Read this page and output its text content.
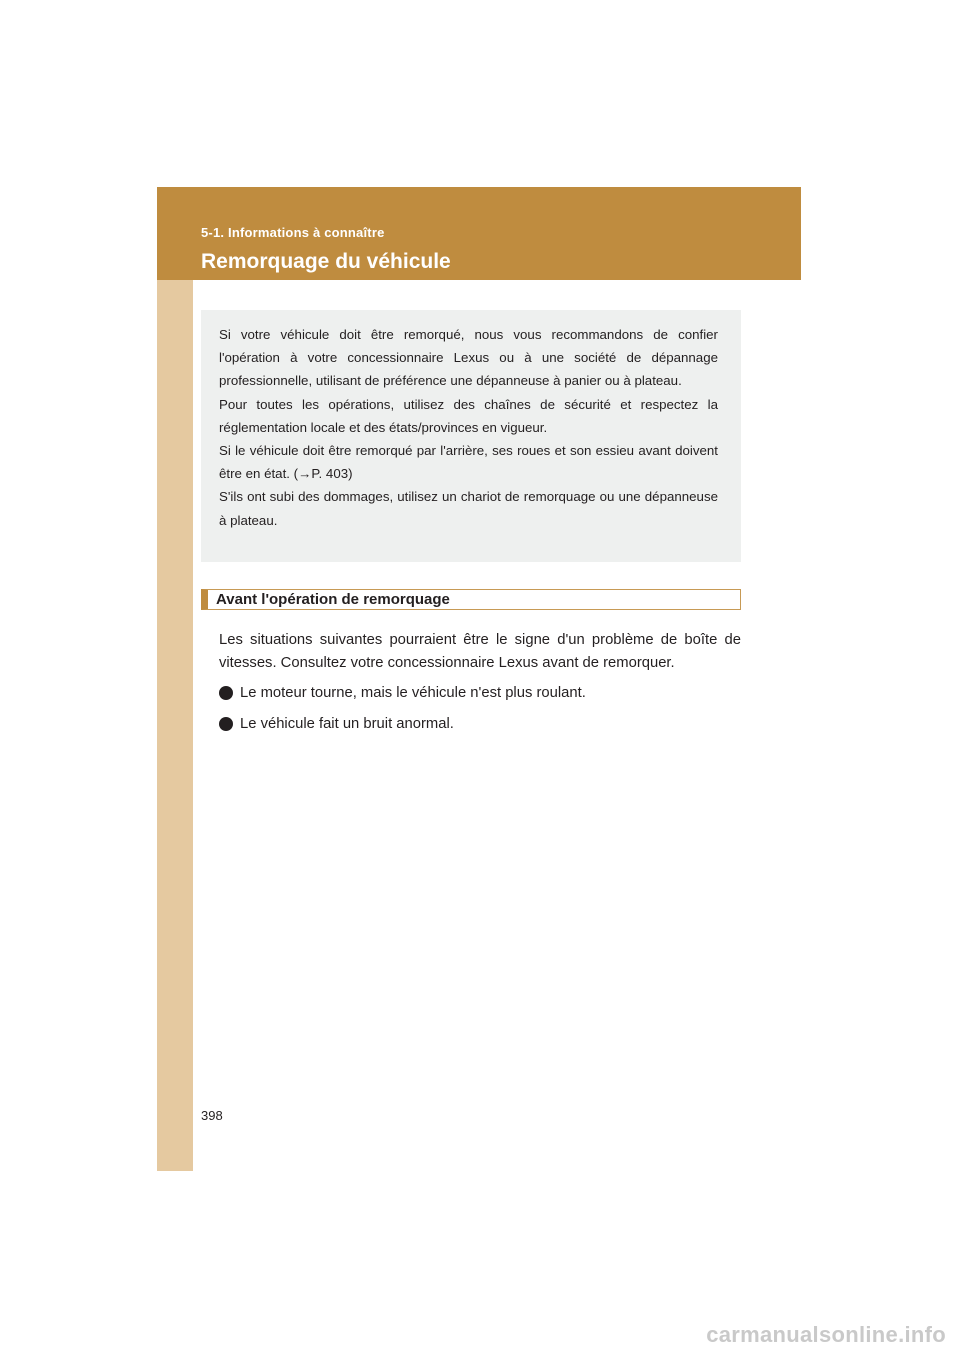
5-1. Informations à connaître
Remorquage du véhicule

Si votre véhicule doit être remorqué, nous vous recommandons de confier l'opération à votre concessionnaire Lexus ou à une société de dépannage professionnelle, utilisant de préférence une dépanneuse à panier ou à plateau.

Pour toutes les opérations, utilisez des chaînes de sécurité et respectez la réglementation locale et des états/provinces en vigueur.

Si le véhicule doit être remorqué par l'arrière, ses roues et son essieu avant doivent être en état. (→P. 403)

S'ils ont subi des dommages, utilisez un chariot de remorquage ou une dépanneuse à plateau.

Avant l'opération de remorquage

Les situations suivantes pourraient être le signe d'un problème de boîte de vitesses. Consultez votre concessionnaire Lexus avant de remorquer.

Le moteur tourne, mais le véhicule n'est plus roulant.
Le véhicule fait un bruit anormal.
398
carmanualsonline.info
